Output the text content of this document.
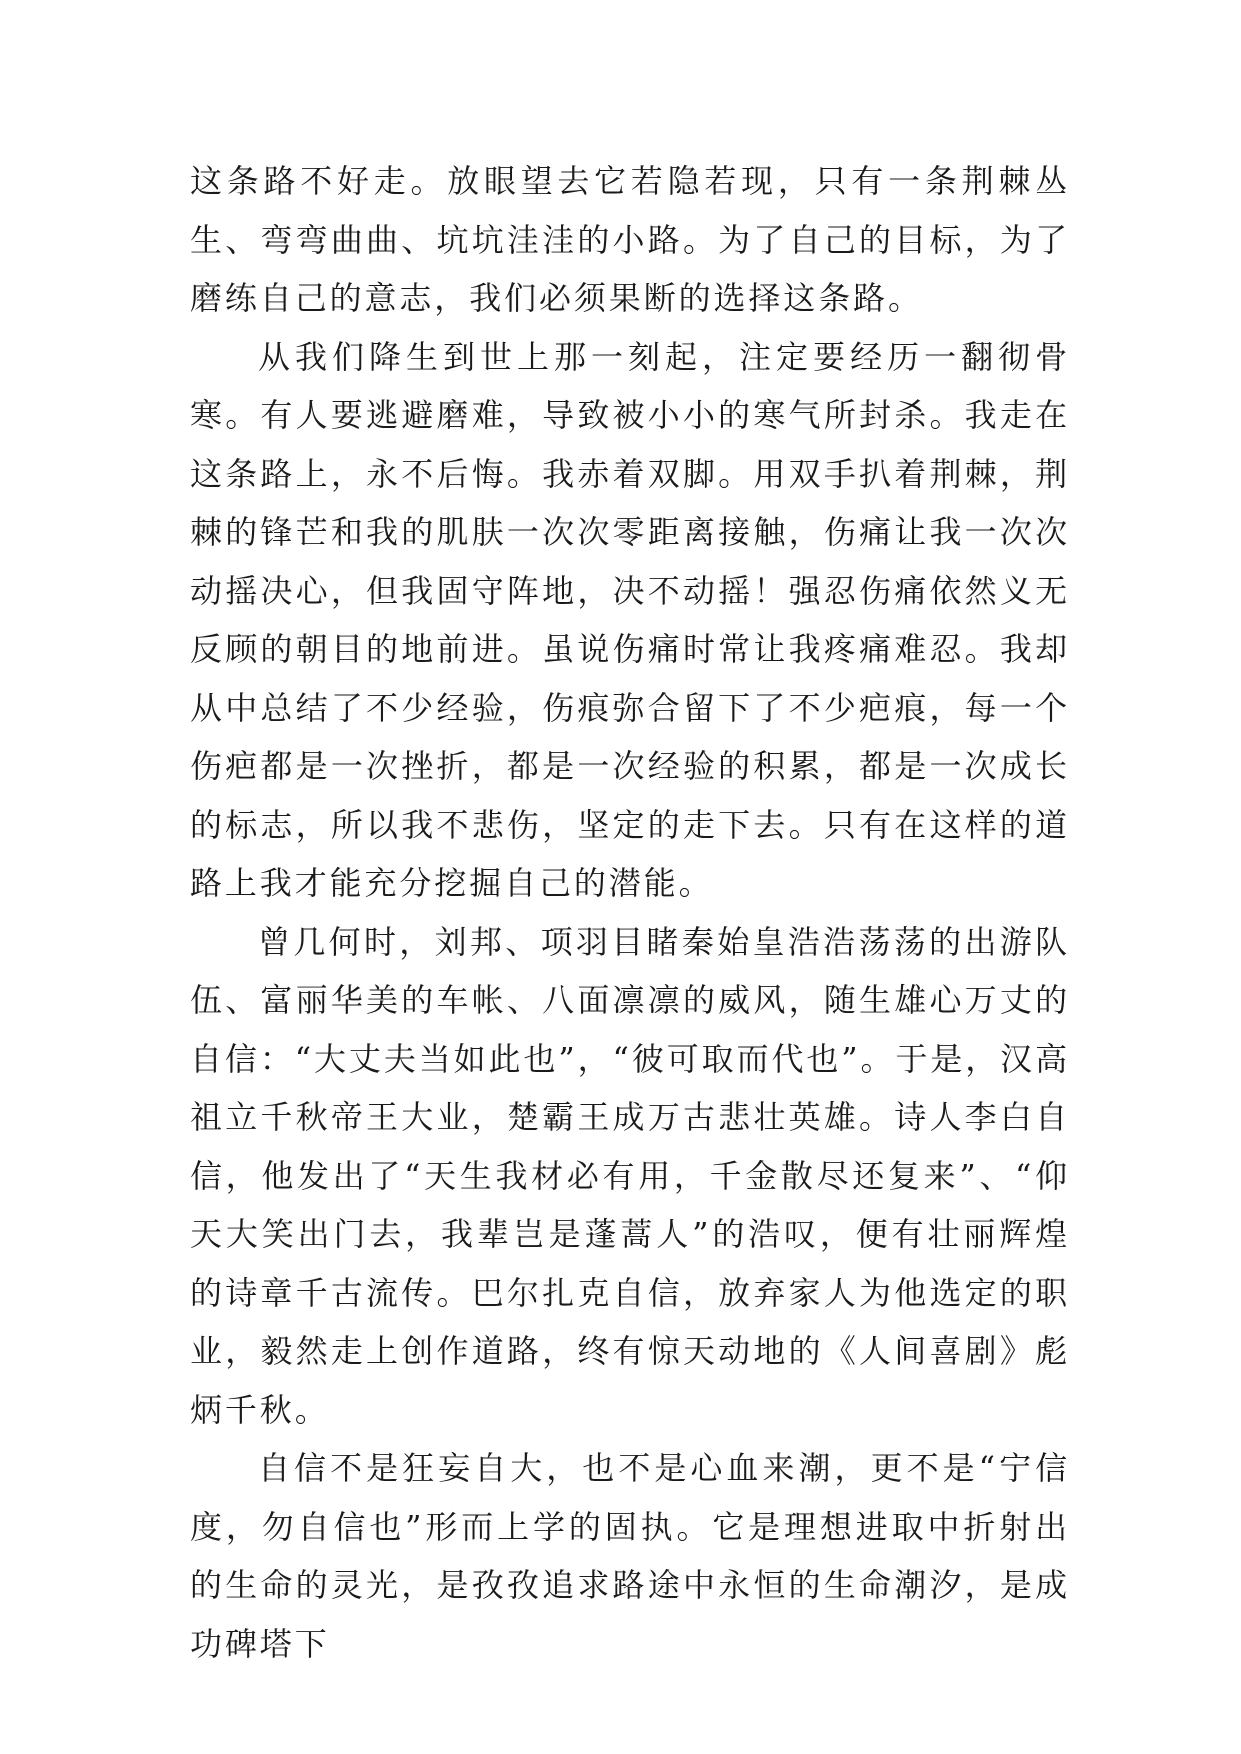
这条路不好走。放眼望去它若隐若现，只有一条荆棘丛生、弯弯曲曲、坑坑洼洼的小路。为了自己的目标，为了磨练自己的意志，我们必须果断的选择这条路。

从我们降生到世上那一刻起，注定要经历一翻彻骨寒。有人要逃避磨难，导致被小小的寒气所封杀。我走在这条路上，永不后悔。我赤着双脚。用双手扒着荆棘，荆棘的锋芒和我的肌肤一次次零距离接触，伤痛让我一次次动摇决心，但我固守阵地，决不动摇！强忍伤痛依然义无反顾的朝目的地前进。虽说伤痛时常让我疼痛难忍。我却从中总结了不少经验，伤痕弥合留下了不少疤痕，每一个伤疤都是一次挫折，都是一次经验的积累，都是一次成长的标志，所以我不悲伤，坚定的走下去。只有在这样的道路上我才能充分挖掘自己的潜能。

曾几何时，刘邦、项羽目睹秦始皇浩浩荡荡的出游队伍、富丽华美的车帐、八面凛凛的威风，随生雄心万丈的自信：“大丈夫当如此也”，“彼可取而代也”。于是，汉高祖立千秋帝王大业，楚霸王成万古悲壮英雄。诗人李白自信，他发出了“天生我材必有用，千金散尽还复来”、“仰天大笑出门去，我辈岂是蓬蒿人”的浩叹，便有壮丽辉煌的诗章千古流传。巴尔扎克自信，放弃家人为他选定的职业，毅然走上创作道路，终有惊天动地的《人间喜剧》彪炳千秋。

自信不是狂妄自大，也不是心血来潮，更不是“宁信度，勿自信也”形而上学的固执。它是理想进取中折射出的生命的灵光，是孜孜追求路途中永恒的生命潮汐，是成功碑塔下
